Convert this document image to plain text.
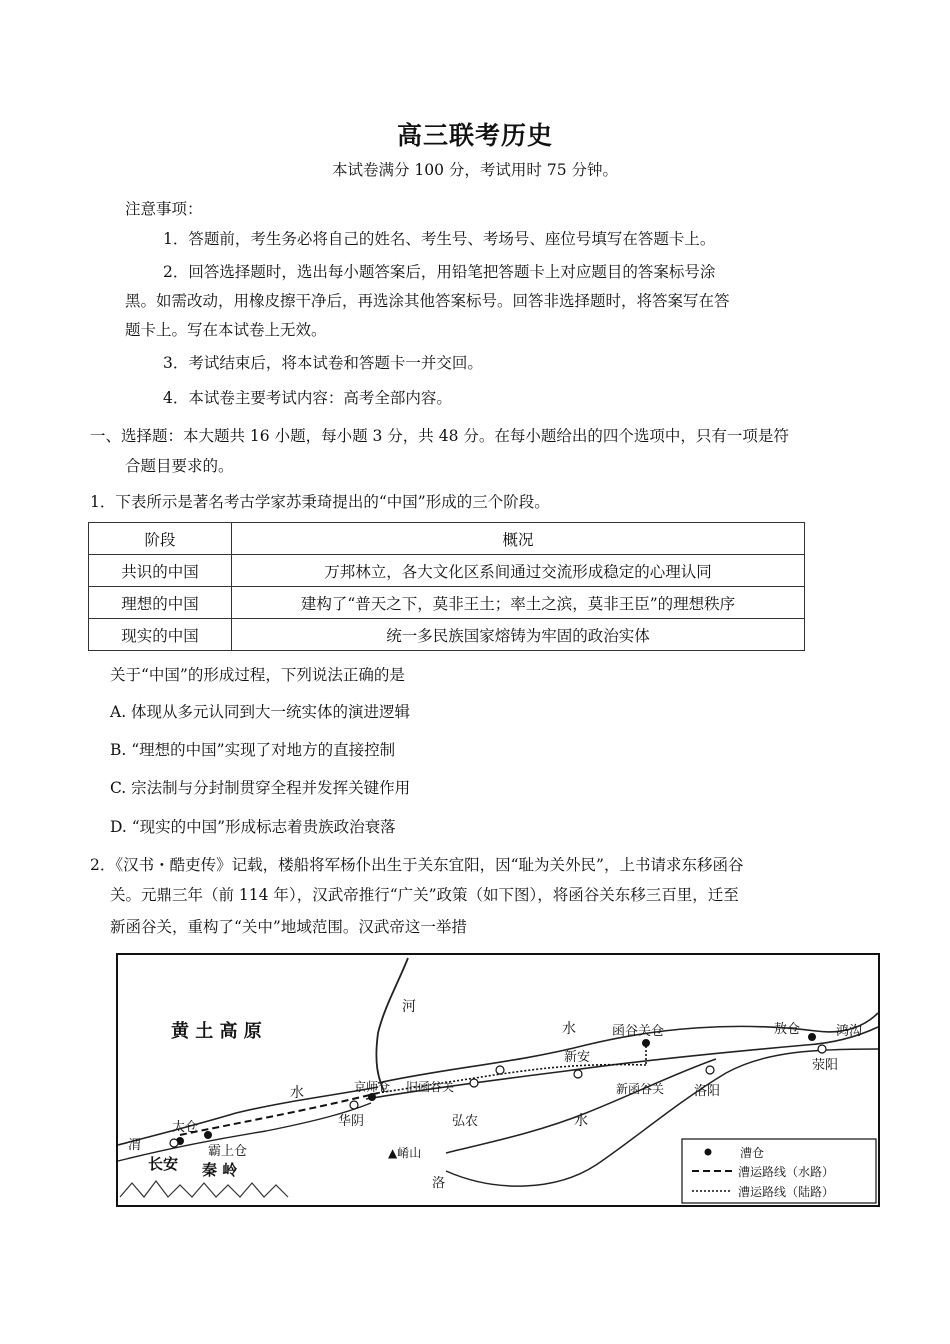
高三联考历史
本试卷满分 100 分，考试用时 75 分钟。
注意事项：
1．答题前，考生务必将自己的姓名、考生号、考场号、座位号填写在答题卡上。
2．回答选择题时，选出每小题答案后，用铅笔把答题卡上对应题目的答案标号涂
黑。如需改动，用橡皮擦干净后，再选涂其他答案标号。回答非选择题时，将答案写在答
题卡上。写在本试卷上无效。
3．考试结束后，将本试卷和答题卡一并交回。
4．本试卷主要考试内容：高考全部内容。
一、选择题：本大题共 16 小题，每小题 3 分，共 48 分。在每小题给出的四个选项中，只有一项是符
合题目要求的。
1．下表所示是著名考古学家苏秉琦提出的“中国”形成的三个阶段。
阶段	概况
共识的中国	万邦林立，各大文化区系间通过交流形成稳定的心理认同
理想的中国	建构了“普天之下，莫非王土；率土之滨，莫非王臣”的理想秩序
现实的中国	统一多民族国家熔铸为牢固的政治实体
关于“中国”的形成过程，下列说法正确的是
A. 体现从多元认同到大一统实体的演进逻辑
B. “理想的中国”实现了对地方的直接控制
C. 宗法制与分封制贯穿全程并发挥关键作用
D. “现实的中国”形成标志着贵族政治衰落
2．《汉书・酷吏传》记载，楼船将军杨仆出生于关东宜阳，因“耻为关外民”，上书请求东移函谷
关。元鼎三年（前 114 年），汉武帝推行“广关”政策（如下图），将函谷关东移三百里，迁至
新函谷关，重构了“关中”地域范围。汉武帝这一举措
黄 土 高 原
河
水
水
水
渭
函谷关仓	敖仓	鸿沟
新安
新函谷关 洛阳
荥阳
京师仓 旧函谷关
华阴	弘农
太仓
霸上仓
长安 秦 岭
▲崤山
洛
漕仓
漕运路线（水路）
漕运路线（陆路）
